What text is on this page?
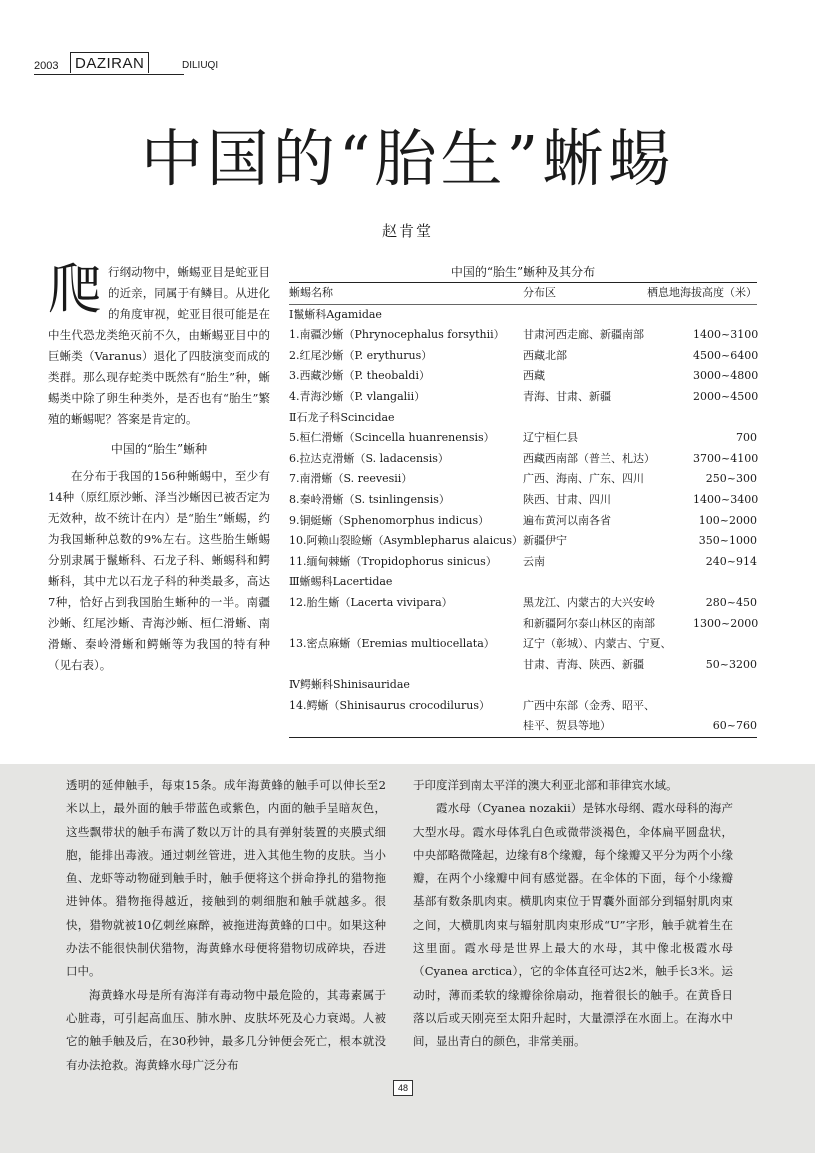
2003	DAZIRAN	DILIUQI
中国的“胎生”蜥蜴
赵肯堂

爬行纲动物中，蜥蜴亚目是蛇亚目的近亲，同属于有鳞目。从进化的角度审视，蛇亚目很可能是在中生代恐龙类绝灭前不久，由蜥蜴亚目中的巨蜥类（Varanus）退化了四肢演变而成的类群。那么现存蛇类中既然有“胎生”种，蜥蜴类中除了卵生种类外，是否也有“胎生”繁殖的蜥蜴呢？答案是肯定的。

中国的“胎生”蜥种

在分布于我国的156种蜥蜴中，至少有14种（原红原沙蜥、泽当沙蜥因已被否定为无效种，故不统计在内）是“胎生”蜥蜴，约为我国蜥种总数的9%左右。这些胎生蜥蜴分别隶属于鬣蜥科、石龙子科、蜥蜴科和鳄蜥科，其中尤以石龙子科的种类最多，高达7种，恰好占到我国胎生蜥种的一半。南疆沙蜥、红尾沙蜥、青海沙蜥、桓仁滑蜥、南滑蜥、秦岭滑蜥和鳄蜥等为我国的特有种（见右表）。

中国的“胎生”蜥种及其分布
蜥蜴名称	分布区	栖息地海拔高度（米）
Ⅰ鬣蜥科Agamidae
1.南疆沙蜥（Phrynocephalus forsythii）	甘肃河西走廊、新疆南部	1400~3100
2.红尾沙蜥（P. erythurus）	西藏北部	4500~6400
3.西藏沙蜥（P. theobaldi）	西藏	3000~4800
4.青海沙蜥（P. vlangalii）	青海、甘肃、新疆	2000~4500
Ⅱ石龙子科Scincidae
5.桓仁滑蜥（Scincella huanrenensis）	辽宁桓仁县	700
6.拉达克滑蜥（S. ladacensis）	西藏西南部（普兰、札达）	3700~4100
7.南滑蜥（S. reevesii）	广西、海南、广东、四川	250~300
8.秦岭滑蜥（S. tsinlingensis）	陕西、甘肃、四川	1400~3400
9.铜蜓蜥（Sphenomorphus indicus）	遍布黄河以南各省	100~2000
10.阿赖山裂睑蜥（Asymblepharus alaicus） 新疆伊宁	350~1000
11.缅甸棘蜥（Tropidophorus sinicus）	云南	240~914
Ⅲ蜥蜴科Lacertidae
12.胎生蜥（Lacerta vivipara）	黑龙江、内蒙古的大兴安岭	280~450
和新疆阿尔泰山林区的南部	1300~2000
13.密点麻蜥（Eremias multiocellata）	辽宁（彰城）、内蒙古、宁夏、
甘肃、青海、陕西、新疆	50~3200
Ⅳ鳄蜥科Shinisauridae
14.鳄蜥（Shinisaurus crocodilurus）	广西中东部（金秀、昭平、
桂平、贺县等地）	60~760

透明的延伸触手，每束15条。成年海黄蜂的触手可以伸长至2米以上，最外面的触手带蓝色或紫色，内面的触手呈暗灰色，这些飘带状的触手布满了数以万计的具有弹射装置的夹膜式细胞，能排出毒液。通过刺丝管进，进入其他生物的皮肤。当小鱼、龙虾等动物碰到触手时，触手便将这个拼命挣扎的猎物拖进钟体。猎物拖得越近，接触到的刺细胞和触手就越多。很快，猎物就被10亿刺丝麻醉，被拖进海黄蜂的口中。如果这种办法不能很快制伏猎物，海黄蜂水母便将猎物切成碎块，吞进口中。

海黄蜂水母是所有海洋有毒动物中最危险的，其毒素属于心脏毒，可引起高血压、肺水肿、皮肤坏死及心力衰竭。人被它的触手触及后，在30秒钟，最多几分钟便会死亡，根本就没有办法抢救。海黄蜂水母广泛分布

于印度洋到南太平洋的澳大利亚北部和菲律宾水域。

霞水母（Cyanea nozakii）是钵水母纲、霞水母科的海产大型水母。霞水母体乳白色或微带淡褐色，伞体扁平圆盘状，中央部略微隆起，边缘有8个缘瓣，每个缘瓣又平分为两个小缘瓣，在两个小缘瓣中间有感觉器。在伞体的下面，每个小缘瓣基部有数条肌肉束。横肌肉束位于胃囊外面部分到辐射肌肉束之间，大横肌肉束与辐射肌肉束形成“U”字形，触手就着生在这里面。霞水母是世界上最大的水母，其中像北极霞水母（Cyanea arctica），它的伞体直径可达2米，触手长3米。运动时，薄而柔软的缘瓣徐徐扇动，拖着很长的触手。在黄昏日落以后或天刚亮至太阳升起时，大量漂浮在水面上。在海水中间，显出青白的颜色，非常美丽。

48
